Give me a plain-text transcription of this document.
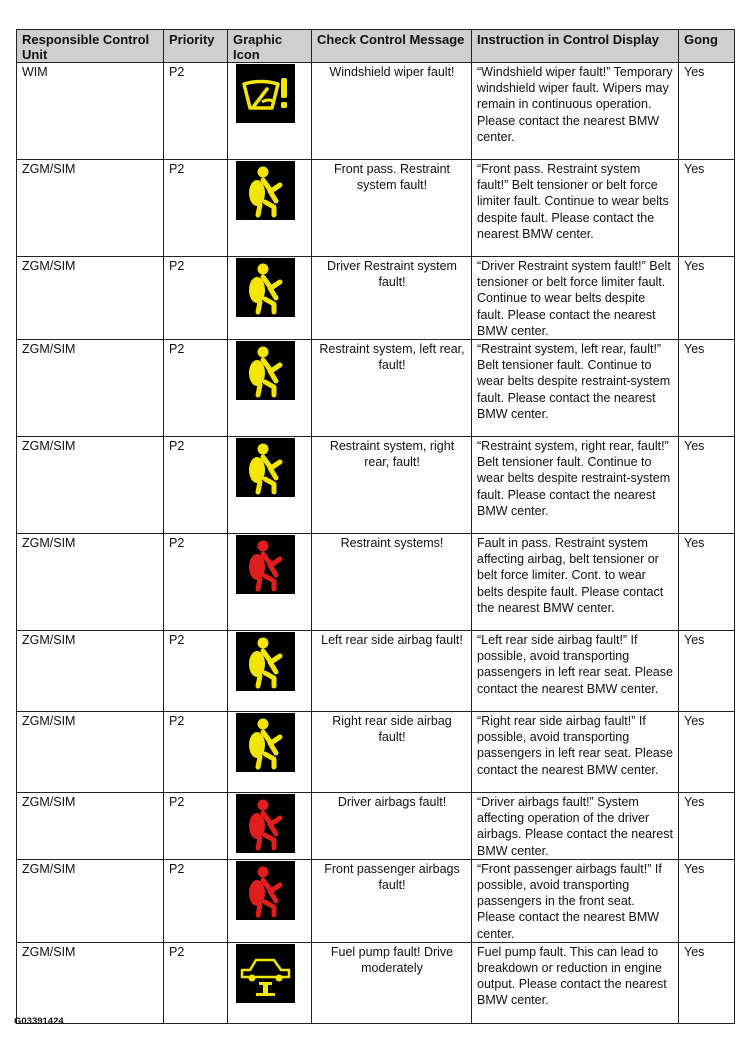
Responsible Control Unit	Priority	Graphic Icon	Check Control Message	Instruction in Control Display	Gong
WIM	P2		Windshield wiper fault!	“Windshield wiper fault!” Temporary windshield wiper fault. Wipers may remain in continuous operation. Please contact the nearest BMW center.	Yes
ZGM/SIM	P2		Front pass. Restraint system fault!	“Front pass. Restraint system fault!” Belt tensioner or belt force limiter fault. Continue to wear belts despite fault. Please contact the nearest BMW center.	Yes
ZGM/SIM	P2		Driver Restraint system fault!	“Driver Restraint system fault!” Belt tensioner or belt force limiter fault. Continue to wear belts despite fault. Please contact the nearest BMW center.	Yes
ZGM/SIM	P2		Restraint system, left rear, fault!	“Restraint system, left rear, fault!” Belt tensioner fault. Continue to wear belts despite restraint-system fault. Please contact the nearest BMW center.	Yes
ZGM/SIM	P2		Restraint system, right rear, fault!	“Restraint system, right rear, fault!” Belt tensioner fault. Continue to wear belts despite restraint-system fault. Please contact the nearest BMW center.	Yes
ZGM/SIM	P2		Restraint systems!	Fault in pass. Restraint system affecting airbag, belt tensioner or belt force limiter. Cont. to wear belts despite fault. Please contact the nearest BMW center.	Yes
ZGM/SIM	P2		Left rear side airbag fault!	“Left rear side airbag fault!” If possible, avoid transporting passengers in left rear seat. Please contact the nearest BMW center.	Yes
ZGM/SIM	P2		Right rear side airbag fault!	“Right rear side airbag fault!” If possible, avoid transporting passengers in left rear seat. Please contact the nearest BMW center.	Yes
ZGM/SIM	P2		Driver airbags fault!	“Driver airbags fault!” System affecting operation of the driver airbags. Please contact the nearest BMW center.	Yes
ZGM/SIM	P2		Front passenger airbags fault!	“Front passenger airbags fault!” If possible, avoid transporting passengers in the front seat. Please contact the nearest BMW center.	Yes
ZGM/SIM	P2		Fuel pump fault! Drive moderately	Fuel pump fault. This can lead to breakdown or reduction in engine output. Please contact the nearest BMW center.	Yes
G03391424
